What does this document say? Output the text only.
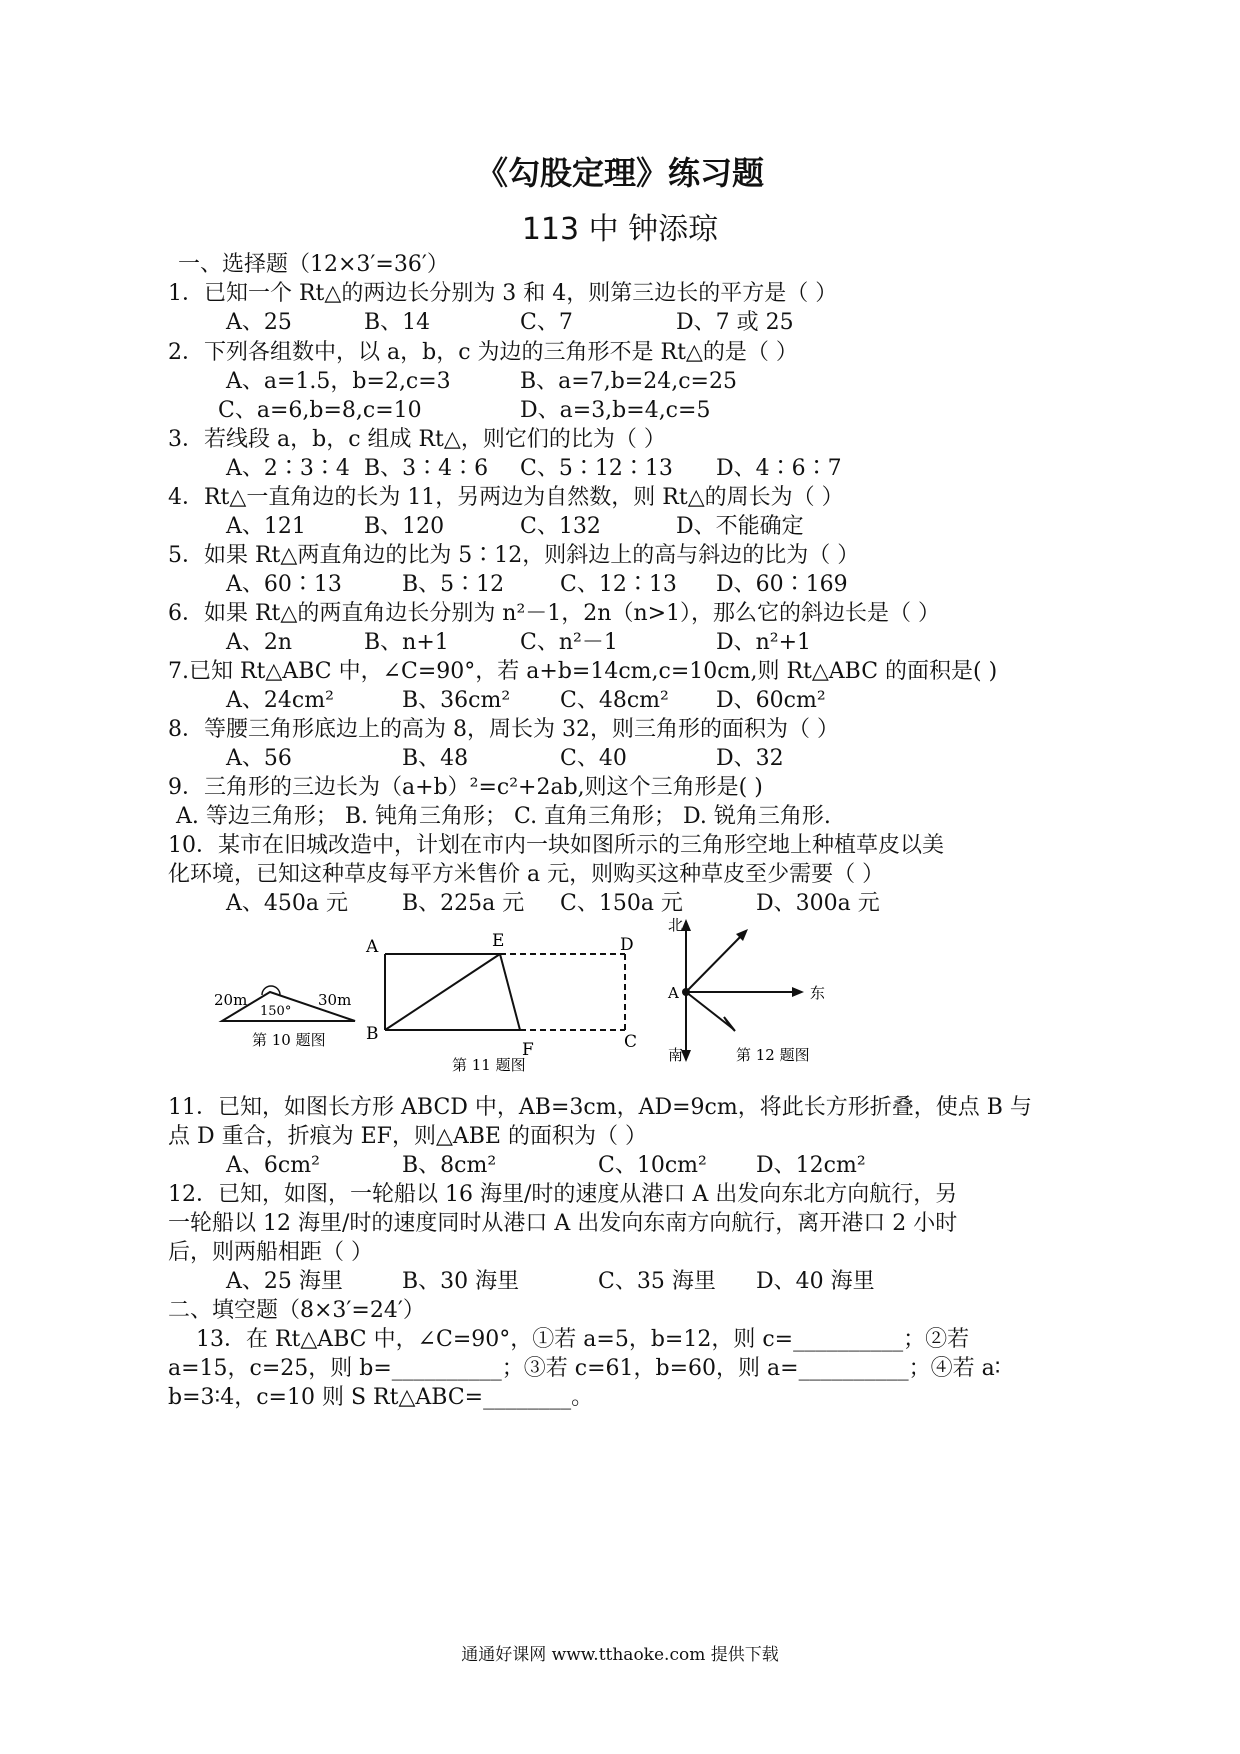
《勾股定理》练习题
113 中 钟添琼
一、选择题（12×3′=36′）
1．已知一个 Rt△的两边长分别为 3 和 4，则第三边长的平方是（ ）
A、25	B、14	C、7	D、7 或 25
2．下列各组数中，以 a，b，c 为边的三角形不是 Rt△的是（ ）
A、a=1.5，b=2,c=3	B、a=7,b=24,c=25
C、a=6,b=8,c=10	D、a=3,b=4,c=5
3．若线段 a，b，c 组成 Rt△，则它们的比为（ ）
A、2∶3∶4 B、3∶4∶6 C、5∶12∶13 D、4∶6∶7
4．Rt△一直角边的长为 11，另两边为自然数，则 Rt△的周长为（ ）
A、121	B、120	C、132	D、不能确定
5．如果 Rt△两直角边的比为 5∶12，则斜边上的高与斜边的比为（ ）
A、60∶13	B、5∶12	C、12∶13 D、60∶169
6．如果 Rt△的两直角边长分别为 n²－1，2n（n>1），那么它的斜边长是（ ）
A、2n	B、n+1	C、n²－1	D、n²+1
7.已知 Rt△ABC 中，∠C=90°，若 a+b=14cm,c=10cm,则 Rt△ABC 的面积是( )
A、24cm²	B、36cm² C、48cm² D、60cm²
8．等腰三角形底边上的高为 8，周长为 32，则三角形的面积为（ ）
A、56	B、48	C、40	D、32
9．三角形的三边长为（a+b）²=c²+2ab,则这个三角形是( )
A. 等边三角形； B. 钝角三角形； C. 直角三角形； D. 锐角三角形.
10．某市在旧城改造中，计划在市内一块如图所示的三角形空地上种植草皮以美
化环境，已知这种草皮每平方米售价 a 元，则购买这种草皮至少需要（ ）
A、450a 元 B、225a 元 C、150a 元	D、300a 元
20m	30m
150°
第 10 题图
A	E	D
B
F	C
第 11 题图
北
南
东
A
第 12 题图
11．已知，如图长方形 ABCD 中，AB=3cm，AD=9cm，将此长方形折叠，使点 B 与
点 D 重合，折痕为 EF，则△ABE 的面积为（ ）
A、6cm²	B、8cm²	C、10cm² D、12cm²
12．已知，如图，一轮船以 16 海里/时的速度从港口 A 出发向东北方向航行，另
一轮船以 12 海里/时的速度同时从港口 A 出发向东南方向航行，离开港口 2 小时
后，则两船相距（ ）
A、25 海里	B、30 海里	C、35 海里 D、40 海里
二、填空题（8×3′=24′）
13．在 Rt△ABC 中，∠C=90°，①若 a=5，b=12，则 c=__________；②若
a=15，c=25，则 b=__________；③若 c=61，b=60，则 a=__________；④若 a∶
b=3∶4，c=10 则 S Rt△ABC=________。
通通好课网 www.tthaoke.com 提供下载
